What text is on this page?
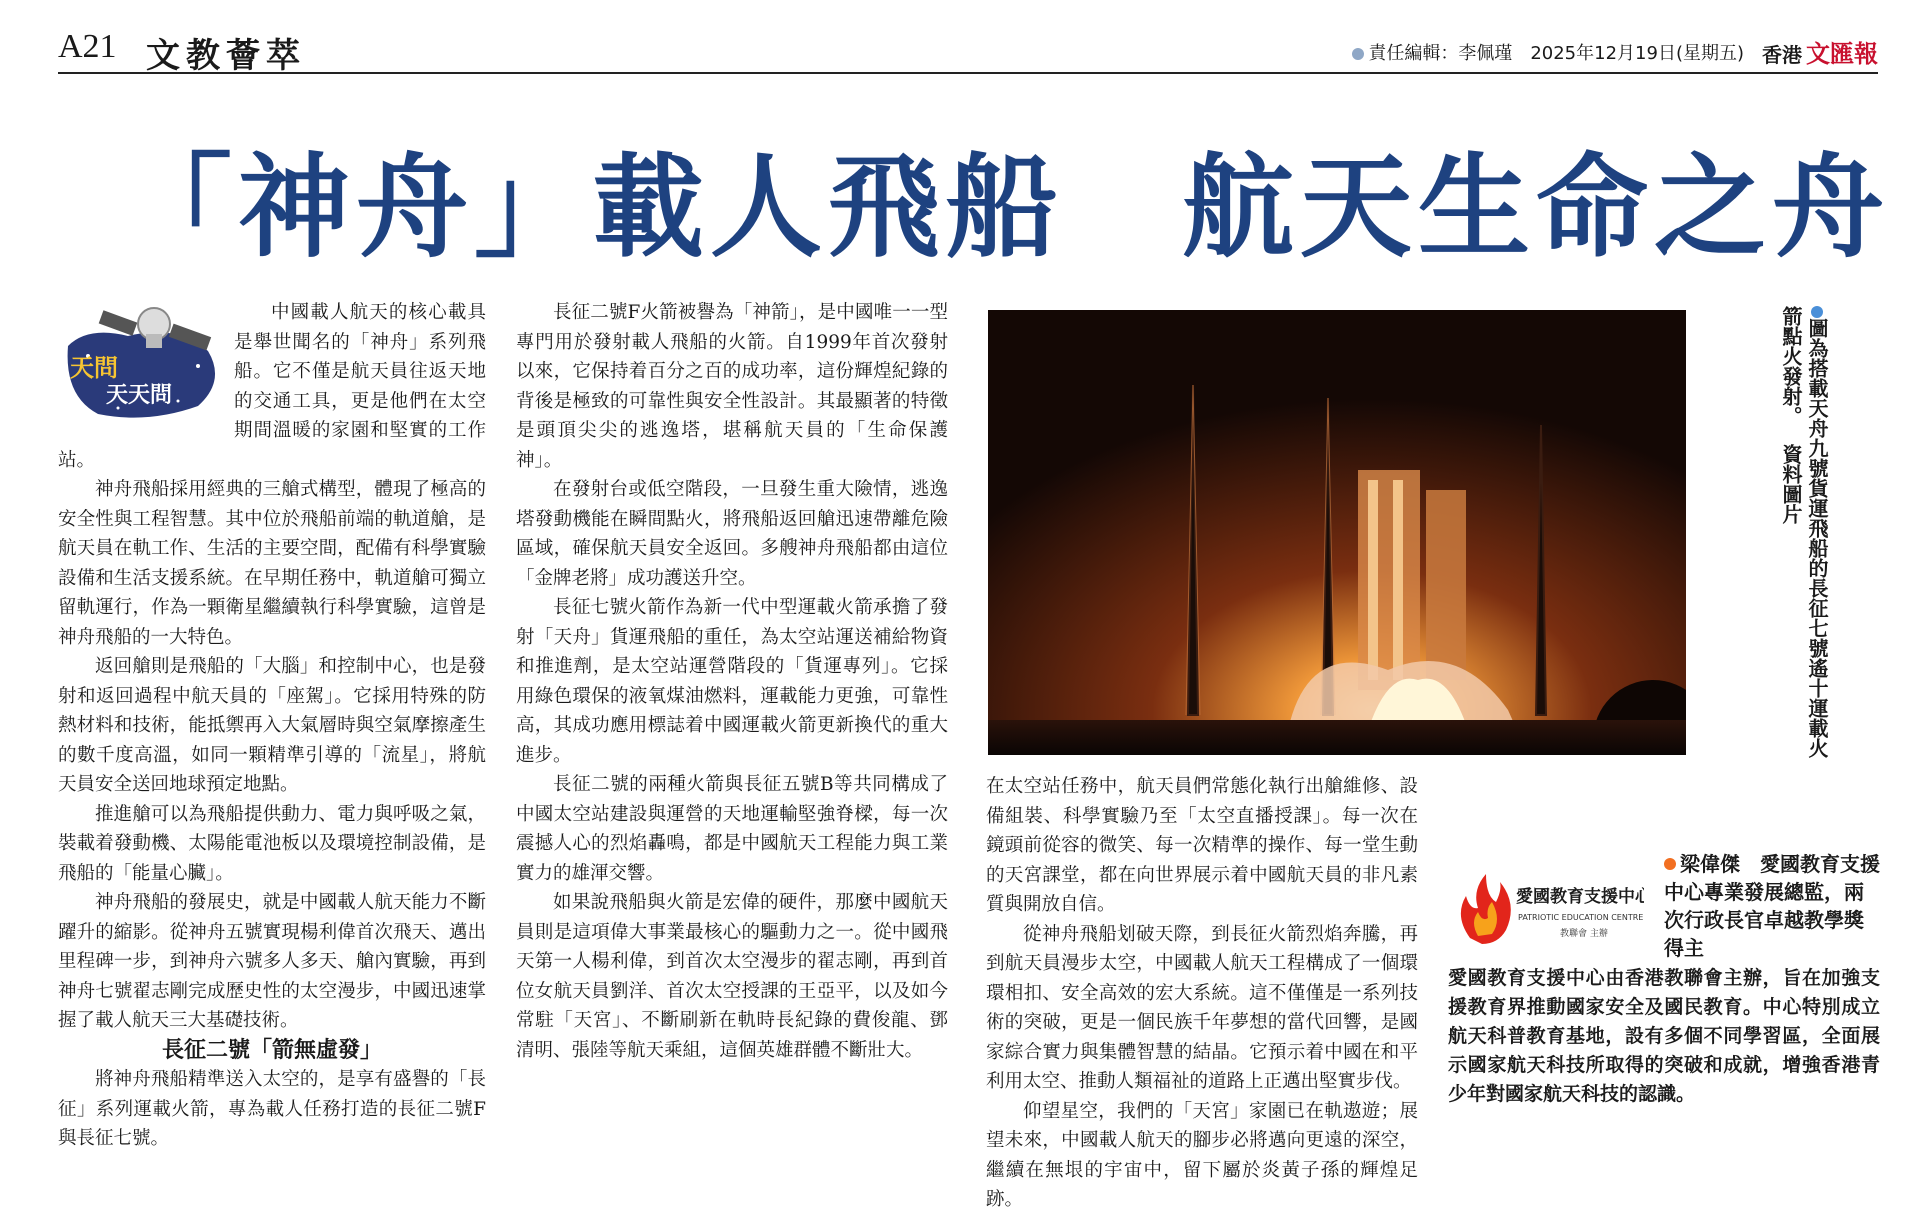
A21 文教薈萃	責任編輯：李佩瑾 2025年12月19日(星期五) 香港 文匯報
「神舟」載人飛船　航天生命之舟
天問
天天問

中國載人航天的核心載具是舉世聞名的「神舟」系列飛船。它不僅是航天員往返天地的交通工具，更是他們在太空期間溫暖的家園和堅實的工作站。

神舟飛船採用經典的三艙式構型，體現了極高的安全性與工程智慧。其中位於飛船前端的軌道艙，是航天員在軌工作、生活的主要空間，配備有科學實驗設備和生活支援系統。在早期任務中，軌道艙可獨立留軌運行，作為一顆衛星繼續執行科學實驗，這曾是神舟飛船的一大特色。

返回艙則是飛船的「大腦」和控制中心，也是發射和返回過程中航天員的「座駕」。它採用特殊的防熱材料和技術，能抵禦再入大氣層時與空氣摩擦產生的數千度高溫，如同一顆精準引導的「流星」，將航天員安全送回地球預定地點。

推進艙可以為飛船提供動力、電力與呼吸之氣，裝載着發動機、太陽能電池板以及環境控制設備，是飛船的「能量心臟」。

神舟飛船的發展史，就是中國載人航天能力不斷躍升的縮影。從神舟五號實現楊利偉首次飛天、邁出里程碑一步，到神舟六號多人多天、艙內實驗，再到神舟七號翟志剛完成歷史性的太空漫步，中國迅速掌握了載人航天三大基礎技術。

長征二號「箭無虛發」

將神舟飛船精準送入太空的，是享有盛譽的「長征」系列運載火箭，專為載人任務打造的長征二號F與長征七號。

長征二號F火箭被譽為「神箭」，是中國唯一一型專門用於發射載人飛船的火箭。自1999年首次發射以來，它保持着百分之百的成功率，這份輝煌紀錄的背後是極致的可靠性與安全性設計。其最顯著的特徵是頭頂尖尖的逃逸塔，堪稱航天員的「生命保護神」。

在發射台或低空階段，一旦發生重大險情，逃逸塔發動機能在瞬間點火，將飛船返回艙迅速帶離危險區域，確保航天員安全返回。多艘神舟飛船都由這位「金牌老將」成功護送升空。

長征七號火箭作為新一代中型運載火箭承擔了發射「天舟」貨運飛船的重任，為太空站運送補給物資和推進劑，是太空站運營階段的「貨運專列」。它採用綠色環保的液氧煤油燃料，運載能力更強，可靠性高，其成功應用標誌着中國運載火箭更新換代的重大進步。

長征二號的兩種火箭與長征五號B等共同構成了中國太空站建設與運營的天地運輸堅強脊樑，每一次震撼人心的烈焰轟鳴，都是中國航天工程能力與工業實力的雄渾交響。

如果說飛船與火箭是宏偉的硬件，那麼中國航天員則是這項偉大事業最核心的驅動力之一。從中國飛天第一人楊利偉，到首次太空漫步的翟志剛，再到首位女航天員劉洋、首次太空授課的王亞平，以及如今常駐「天宮」、不斷刷新在軌時長紀錄的費俊龍、鄧清明、張陸等航天乘組，這個英雄群體不斷壯大。

圖為搭載天舟九號貨運飛船的長征七號遙十運載火箭點火發射。資料圖片

在太空站任務中，航天員們常態化執行出艙維修、設備組裝、科學實驗乃至「太空直播授課」。每一次在鏡頭前從容的微笑、每一次精準的操作、每一堂生動的天宮課堂，都在向世界展示着中國航天員的非凡素質與開放自信。

從神舟飛船划破天際，到長征火箭烈焰奔騰，再到航天員漫步太空，中國載人航天工程構成了一個環環相扣、安全高效的宏大系統。這不僅僅是一系列技術的突破，更是一個民族千年夢想的當代回響，是國家綜合實力與集體智慧的結晶。它預示着中國在和平利用太空、推動人類福祉的道路上正邁出堅實步伐。

仰望星空，我們的「天宮」家園已在軌遨遊；展望未來，中國載人航天的腳步必將邁向更遠的深空，繼續在無垠的宇宙中，留下屬於炎黃子孫的輝煌足跡。

愛國教育支援中心
PATRIOTIC EDUCATION CENTRE
教聯會 主辦
梁偉傑　 愛國教育支援中心專業發展總監，兩次行政長官卓越教學獎得主
愛國教育支援中心由香港教聯會主辦，旨在加強支援教育界推動國家安全及國民教育。中心特別成立航天科普教育基地，設有多個不同學習區，全面展示國家航天科技所取得的突破和成就，增強香港青少年對國家航天科技的認識。
